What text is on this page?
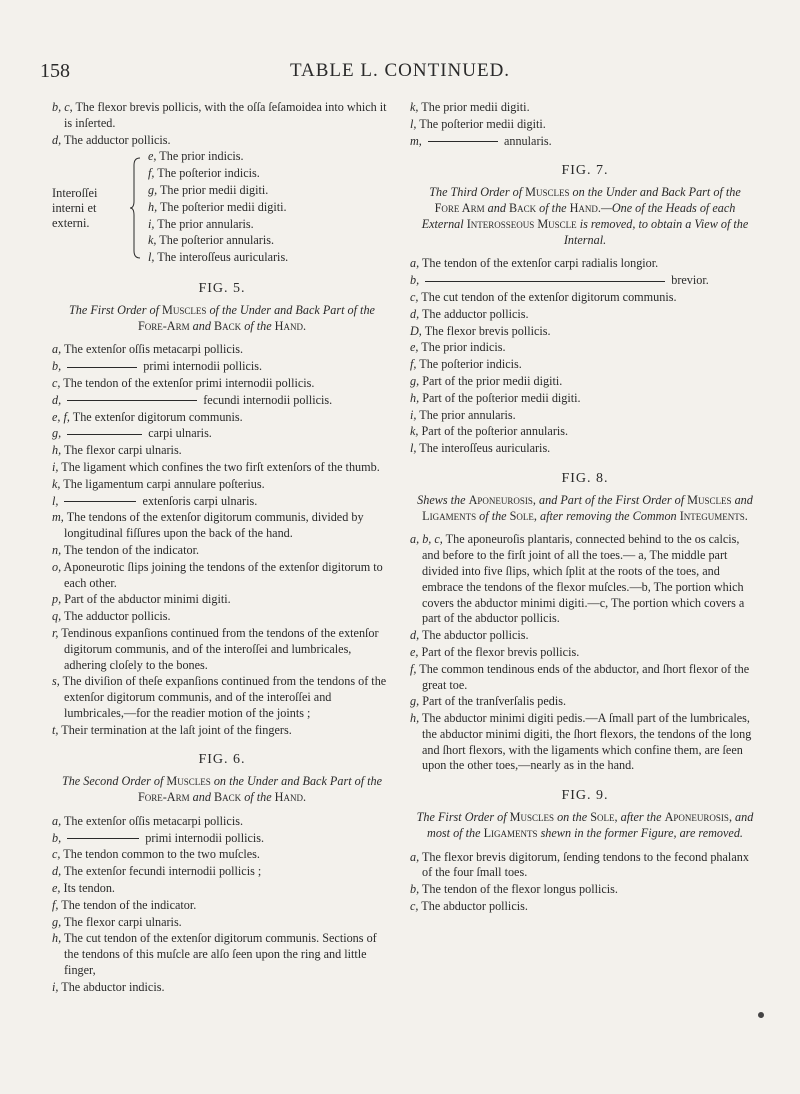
158	TABLE L. CONTINUED.
b, c, The flexor brevis pollicis, with the oſſa ſeſamoidea into which it is inſerted.
d, The adductor pollicis.
Interoſſei interni et externi.
e, The prior indicis.
f, The poſterior indicis.
g, The prior medii digiti.
h, The poſterior medii digiti.
i, The prior annularis.
k, The poſterior annularis.
l, The interoſſeus auricularis.
FIG. 5.
The First Order of Muscles of the Under and Back Part of the Fore-Arm and Back of the Hand.
a, The extenſor oſſis metacarpi pollicis.
b,	primi internodii pollicis.
c, The tendon of the extenſor primi internodii pollicis.
d,	fecundi internodii pollicis.
e, f, The extenſor digitorum communis.
g,	carpi ulnaris.
h, The flexor carpi ulnaris.
i, The ligament which confines the two firſt extenſors of the thumb.
k, The ligamentum carpi annulare poſterius.
l,	extenſoris carpi ulnaris.
m, The tendons of the extenſor digitorum communis, divided by longitudinal fiſſures upon the back of the hand.
n, The tendon of the indicator.
o, Aponeurotic ſlips joining the tendons of the extenſor digitorum to each other.
p, Part of the abductor minimi digiti.
q, The adductor pollicis.
r, Tendinous expanſions continued from the tendons of the extenſor digitorum communis, and of the interoſſei and lumbricales, adhering cloſely to the bones.
s, The diviſion of theſe expanſions continued from the tendons of the extenſor digitorum communis, and of the interoſſei and lumbricales,—for the readier motion of the joints ;
t, Their termination at the laſt joint of the fingers.
FIG. 6.
The Second Order of Muscles on the Under and Back Part of the Fore-Arm and Back of the Hand.
a, The extenſor oſſis metacarpi pollicis.
b,	primi internodii pollicis.
c, The tendon common to the two muſcles.
d, The extenſor fecundi internodii pollicis ;
e, Its tendon.
f, The tendon of the indicator.
g, The flexor carpi ulnaris.
h, The cut tendon of the extenſor digitorum communis. Sections of the tendons of this muſcle are alſo ſeen upon the ring and little finger,
i, The abductor indicis.
k, The prior medii digiti.
l, The poſterior medii digiti.
m,	annularis.
FIG. 7.
The Third Order of Muscles on the Under and Back Part of the Fore Arm and Back of the Hand.—One of the Heads of each External Interosseous Muscle is removed, to obtain a View of the Internal.
a, The tendon of the extenſor carpi radialis longior.
b,	brevior.
c, The cut tendon of the extenſor digitorum communis.
d, The adductor pollicis.
D, The flexor brevis pollicis.
e, The prior indicis.
f, The poſterior indicis.
g, Part of the prior medii digiti.
h, Part of the poſterior medii digiti.
i, The prior annularis.
k, Part of the poſterior annularis.
l, The interoſſeus auricularis.
FIG. 8.
Shews the Aponeurosis, and Part of the First Order of Muscles and Ligaments of the Sole, after removing the Common Integuments.
a, b, c, The aponeuroſis plantaris, connected behind to the os calcis, and before to the firſt joint of all the toes.— a, The middle part divided into five ſlips, which ſplit at the roots of the toes, and embrace the tendons of the flexor muſcles.—b, The portion which covers the abductor minimi digiti.—c, The portion which covers a part of the abductor pollicis.
d, The abductor pollicis.
e, Part of the flexor brevis pollicis.
f, The common tendinous ends of the abductor, and ſhort flexor of the great toe.
g, Part of the tranſverſalis pedis.
h, The abductor minimi digiti pedis.—A ſmall part of the lumbricales, the abductor minimi digiti, the ſhort flexors, the tendons of the long and ſhort flexors, with the ligaments which confine them, are ſeen upon the other toes,—nearly as in the hand.
FIG. 9.
The First Order of Muscles on the Sole, after the Aponeurosis, and most of the Ligaments shewn in the former Figure, are removed.
a, The flexor brevis digitorum, ſending tendons to the fecond phalanx of the four ſmall toes.
b, The tendon of the flexor longus pollicis.
c, The abductor pollicis.
